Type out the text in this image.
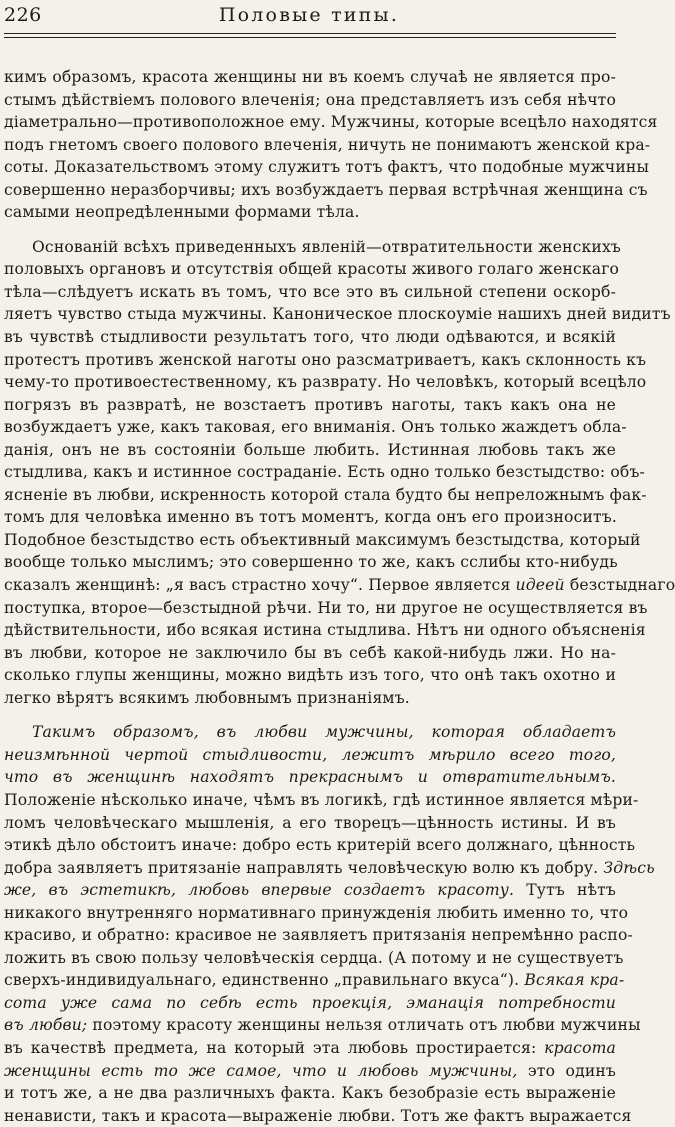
226	Половые типы.
кимъ образомъ, красота женщины ни въ коемъ случаѣ не является про-
стымъ дѣйствіемъ полового влеченія; она представляетъ изъ себя нѣчто
діаметрально—противоположное ему. Мужчины, которые всецѣло находятся
подъ гнетомъ своего полового влеченія, ничуть не понимаютъ женской кра-
соты. Доказательствомъ этому служитъ тотъ фактъ, что подобные мужчины
совершенно неразборчивы; ихъ возбуждаетъ первая встрѣчная женщина съ
самыми неопредѣленными формами тѣла.
Основаній всѣхъ приведенныхъ явленій—отвратительности женскихъ
половыхъ органовъ и отсутствія общей красоты живого голаго женскаго
тѣла—слѣдуетъ искать въ томъ, что все это въ сильной степени оскорб-
ляетъ чувство стыда мужчины. Каноническое плоскоумie нашихъ дней видитъ
въ чувствѣ стыдливости результатъ того, что люди одѣваются, и всякій
протестъ противъ женской наготы оно разсматриваетъ, какъ склонность къ
чему-то противоестественному, къ разврату. Но человѣкъ, который всецѣло
погрязъ въ развратѣ, не возстаетъ противъ наготы, такъ какъ она не
возбуждаетъ уже, какъ таковая, его вниманія. Онъ только жаждетъ обла-
данія, онъ не въ состояніи больше любить. Истинная любовь такъ же
стыдлива, какъ и истинное состраданіе. Есть одно только безстыдство: объ-
ясненіе въ любви, искренность которой стала будто бы непреложнымъ фак-
томъ для человѣка именно въ тотъ моментъ, когда онъ его произноситъ.
Подобное безстыдство есть объективный максимумъ безстыдства, который
вообще только мыслимъ; это совершенно то же, какъ сслибы кто-нибудь
сказалъ женщинѣ: „я васъ страстно хочу“. Первое является идеей безстыднаго
поступка, второе—безстыдной рѣчи. Ни то, ни другое не осуществляется въ
дѣйствительности, ибо всякая истина стыдлива. Нѣтъ ни одного объясненія
въ любви, которое не заключило бы въ себѣ какой-нибудь лжи. Но на-
сколько глупы женщины, можно видѣть изъ того, что онѣ такъ охотно и
легко вѣрятъ всякимъ любовнымъ признаніямъ.
Такимъ образомъ, въ любви мужчины, которая обладаетъ
неизмѣнной чертой стыдливости, лежитъ мѣрило всего того,
что въ женщинѣ находятъ прекраснымъ и отвратительнымъ.
Положеніе нѣсколько иначе, чѣмъ въ логикѣ, гдѣ истинное является мѣри-
ломъ человѣческаго мышленія, а его творецъ—цѣнность истины. И въ
этикѣ дѣло обстоитъ иначе: добро есть критерій всего должнаго, цѣнность
добра заявляетъ притязаніе направлять человѣческую волю къ добру. Здѣсь
же, въ эстетикѣ, любовь впервые создаетъ красоту. Тутъ нѣтъ
никакого внутренняго нормативнаго принужденія любить именно то, что
красиво, и обратно: красивое не заявляетъ притязанія непремѣнно распо-
ложить въ свою пользу человѣческія сердца. (А потому и не существуетъ
сверхъ-индивидуальнаго, единственно „правильнаго вкуса“). Всякая кра-
сота уже сама по себѣ есть проекція, эманація потребности
въ любви; поэтому красоту женщины нельзя отличать отъ любви мужчины
въ качествѣ предмета, на который эта любовь простирается: красота
женщины есть то же самое, что и любовь мужчины, это одинъ
и тотъ же, а не два различныхъ факта. Какъ безобразіе есть выраженіе
ненависти, такъ и красота—выраженіе любви. Тотъ же фактъ выражается
